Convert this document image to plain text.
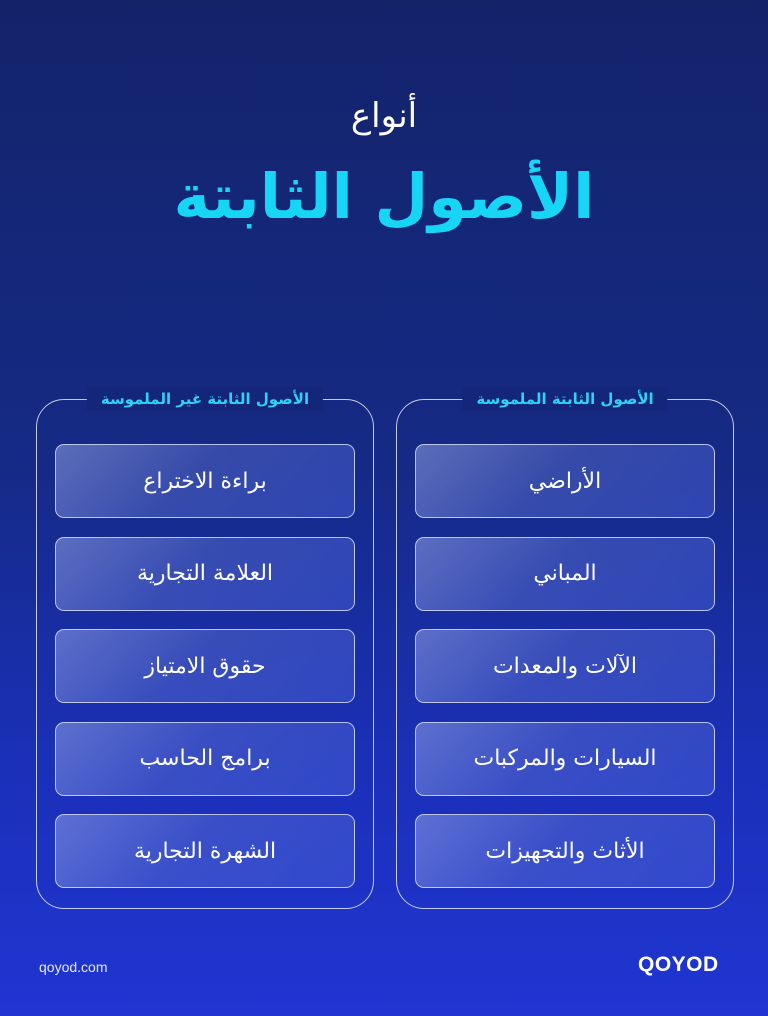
أنواع
الأصول الثابتة
الأصول الثابتة الملموسة
الأراضي
المباني
الآلات والمعدات
السيارات والمركبات
الأثاث والتجهيزات
الأصول الثابتة غير الملموسة
براءة الاختراع
العلامة التجارية
حقوق الامتياز
برامج الحاسب
الشهرة التجارية
qoyod.com	QOYOD
